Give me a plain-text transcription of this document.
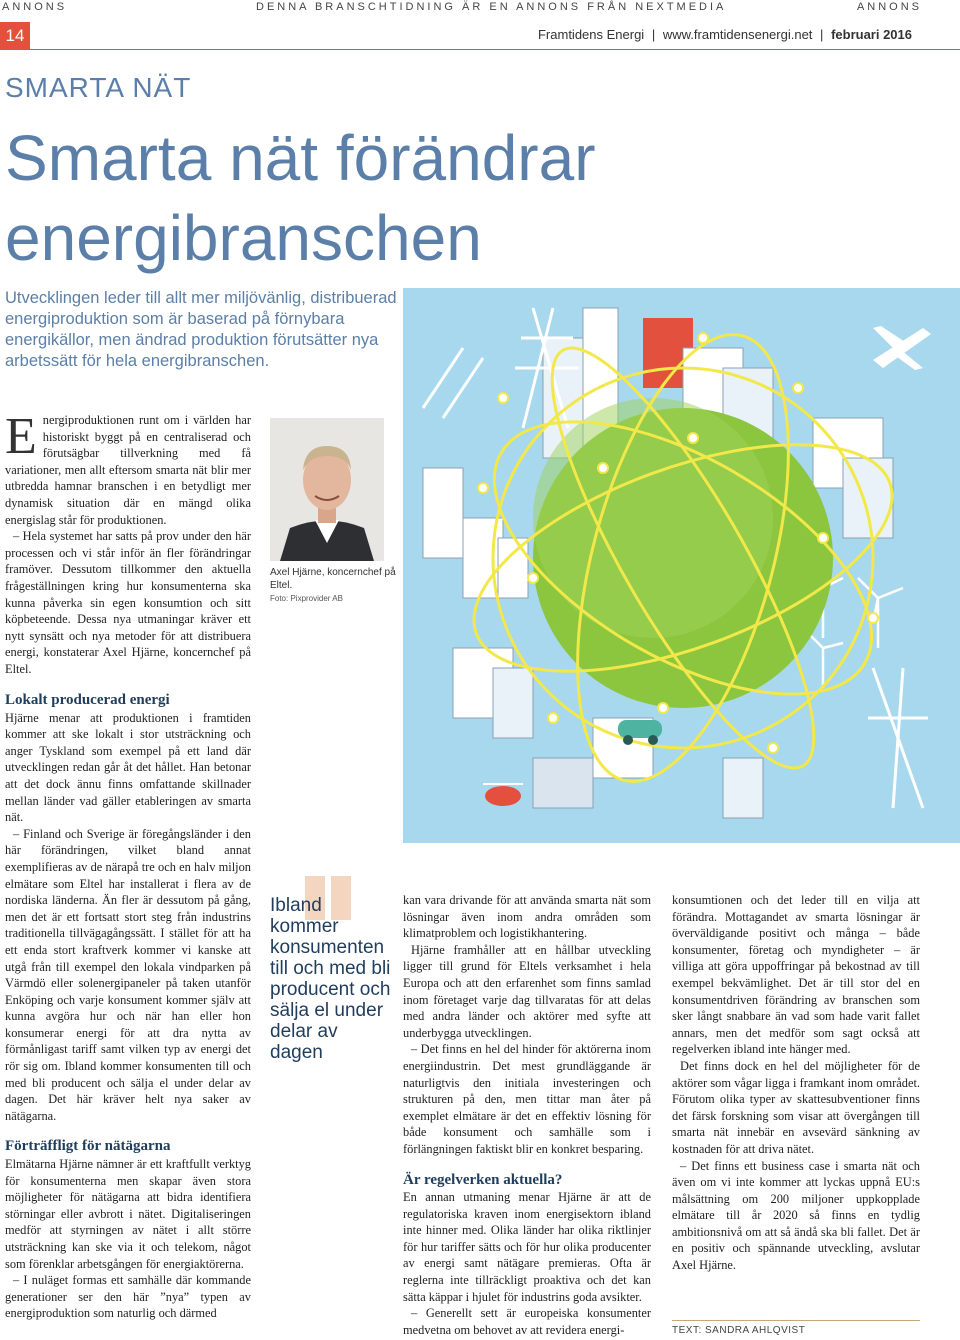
ANNONS	DENNA BRANSCHTIDNING ÄR EN ANNONS FRÅN NEXTMEDIA	ANNONS
14	Framtidens Energi | www.framtidensenergi.net | februari 2016
SMARTA NÄT
Smarta nät förändrar
energibranschen
Utvecklingen leder till allt mer miljövänlig, distribuerad energiproduktion som är baserad på förnybara energikällor, men ändrad produktion förutsätter nya arbetssätt för hela energibranschen.
Axel Hjärne, koncernchef på Eltel.
Foto: Pixprovider AB
E nergiproduktionen runt om i världen har historiskt byggt på en centraliserad och förutsägbar tillverkning med få variationer, men allt eftersom smarta nät blir mer utbredda hamnar branschen i en betydligt mer dynamisk situation där en mängd olika energislag står för produktionen.

– Hela systemet har satts på prov under den här processen och vi står inför än fler förändringar framöver. Dessutom tillkommer den aktuella frågeställningen kring hur konsumenterna ska kunna påverka sin egen konsumtion och sitt köpbeteende. Dessa nya utmaningar kräver ett nytt synsätt och nya metoder för att distribuera energi, konstaterar Axel Hjärne, koncernchef på Eltel.

Lokalt producerad energi

Hjärne menar att produktionen i framtiden kommer att ske lokalt i stor utsträckning och anger Tyskland som exempel på ett land där utvecklingen redan går åt det hållet. Han betonar att det dock ännu finns omfattande skillnader mellan länder vad gäller etableringen av smarta nät.

– Finland och Sverige är föregångsländer i den här förändringen, vilket bland annat exemplifieras av de närapå tre och en halv miljon elmätare som Eltel har installerat i flera av de nordiska länderna. Än fler är dessutom på gång, men det är ett fortsatt stort steg från industrins traditionella tillvägagångssätt. I stället för att ha ett enda stort kraftverk kommer vi kanske att utgå från till exempel den lokala vindparken på Värmdö eller solenergipaneler på taken utanför Enköping och varje konsument kommer själv att kunna avgöra hur och när han eller hon konsumerar energi för att dra nytta av förmånligast tariff samt vilken typ av energi det rör sig om. Ibland kommer konsumenten till och med bli producent och sälja el under delar av dagen. Det här kräver helt nya saker av nätägarna.

Förträffligt för nätägarna

Elmätarna Hjärne nämner är ett kraftfullt verktyg för konsumenterna men skapar även stora möjligheter för nätägarna att bidra identifiera störningar eller avbrott i nätet. Digitaliseringen medför att styrningen av nätet i allt större utsträckning kan ske via it och telekom, något som förenklar arbetsgången för energiaktörerna.

– I nuläget formas ett samhälle där kommande generationer ser den här ”nya” typen av energiproduktion som naturlig och därmed

Ibland kommer konsumenten till och med bli producent och sälja el under delar av dagen

kan vara drivande för att använda smarta nät som lösningar även inom andra områden som klimatproblem och logistikhantering.

Hjärne framhåller att en hållbar utveckling ligger till grund för Eltels verksamhet i hela Europa och att den erfarenhet som finns samlad inom företaget varje dag tillvaratas för att delas med andra länder och aktörer med syfte att underbygga utvecklingen.

– Det finns en hel del hinder för aktörerna inom energiindustrin. Det mest grundläggande är naturligtvis den initiala investeringen och strukturen på den, men tittar man åter på exemplet elmätare är det en effektiv lösning för både konsument och samhälle som i förlängningen faktiskt blir en konkret besparing.

Är regelverken aktuella?

En annan utmaning menar Hjärne är att de regulatoriska kraven inom energisektorn ibland inte hinner med. Olika länder har olika riktlinjer för hur tariffer sätts och för hur olika producenter av energi samt nätägare premieras. Ofta är reglerna inte tillräckligt proaktiva och det kan sätta käppar i hjulet för industrins goda avsikter.

– Generellt sett är europeiska konsumenter medvetna om behovet av att revidera energi-

konsumtionen och det leder till en vilja att förändra. Mottagandet av smarta lösningar är överväldigande positivt och många – både konsumenter, företag och myndigheter – är villiga att göra uppoffringar på bekostnad av till exempel bekvämlighet. Det är till stor del en konsumentdriven förändring av branschen som sker långt snabbare än vad som hade varit fallet annars, men det medför som sagt också att regelverken ibland inte hänger med.

Det finns dock en hel del möjligheter för de aktörer som vågar ligga i framkant inom området. Förutom olika typer av skattesubventioner finns det färsk forskning som visar att övergången till smarta nät innebär en avsevärd sänkning av kostnaden för att driva nätet.

– Det finns ett business case i smarta nät och även om vi inte kommer att lyckas uppnå EU:s målsättning om 200 miljoner uppkopplade elmätare till år 2020 så finns en tydlig ambitionsnivå om att så ändå ska bli fallet. Det är en positiv och spännande utveckling, avslutar Axel Hjärne.

TEXT: SANDRA AHLQVIST
